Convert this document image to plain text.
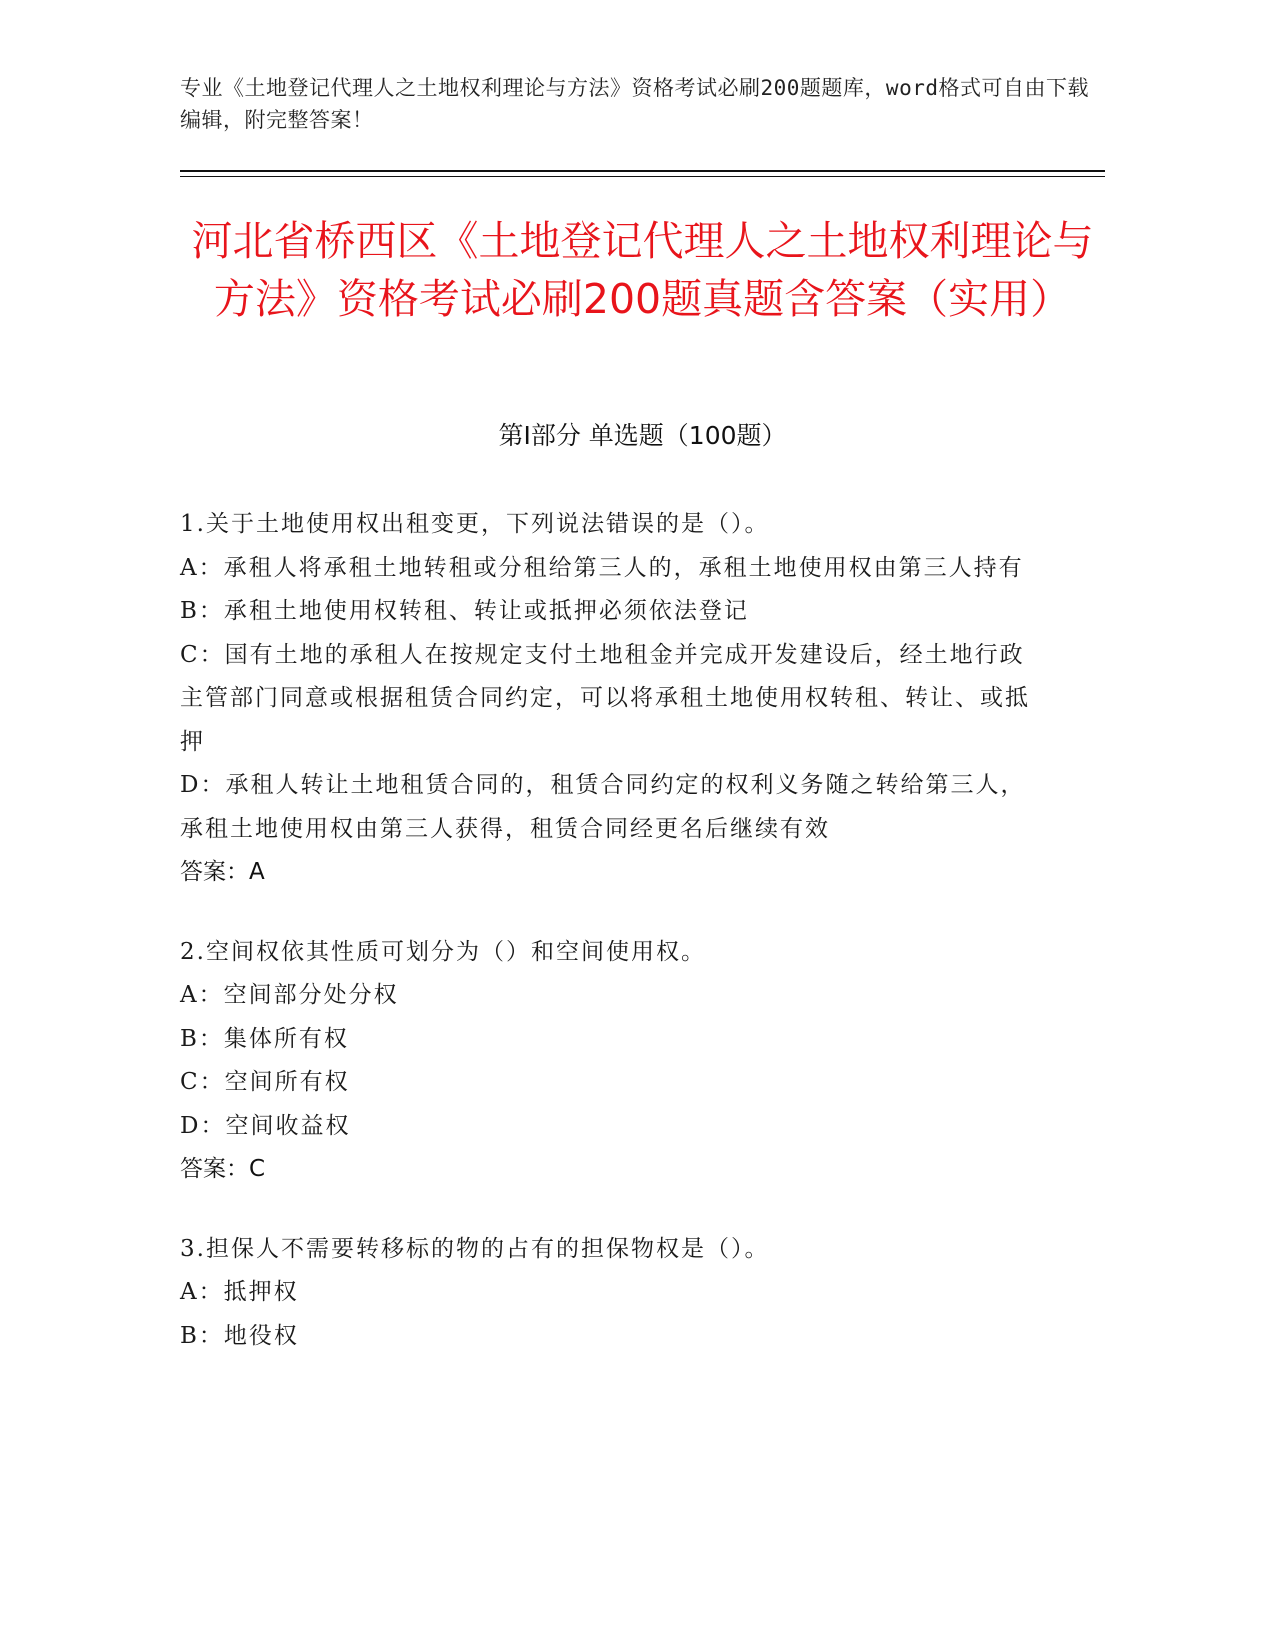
专业《土地登记代理人之土地权利理论与方法》资格考试必刷200题题库，word格式可自由下载编辑，附完整答案！
河北省桥西区《土地登记代理人之土地权利理论与方法》资格考试必刷200题真题含答案（实用）
第I部分 单选题（100题）

1.关于土地使用权出租变更，下列说法错误的是（）。

A：承租人将承租土地转租或分租给第三人的，承租土地使用权由第三人持有

B：承租土地使用权转租、转让或抵押必须依法登记

C：国有土地的承租人在按规定支付土地租金并完成开发建设后，经土地行政主管部门同意或根据租赁合同约定，可以将承租土地使用权转租、转让、或抵押

D：承租人转让土地租赁合同的，租赁合同约定的权利义务随之转给第三人，承租土地使用权由第三人获得，租赁合同经更名后继续有效

答案：A

2.空间权依其性质可划分为（）和空间使用权。

A：空间部分处分权

B：集体所有权

C：空间所有权

D：空间收益权

答案：C

3.担保人不需要转移标的物的占有的担保物权是（）。

A：抵押权

B：地役权
